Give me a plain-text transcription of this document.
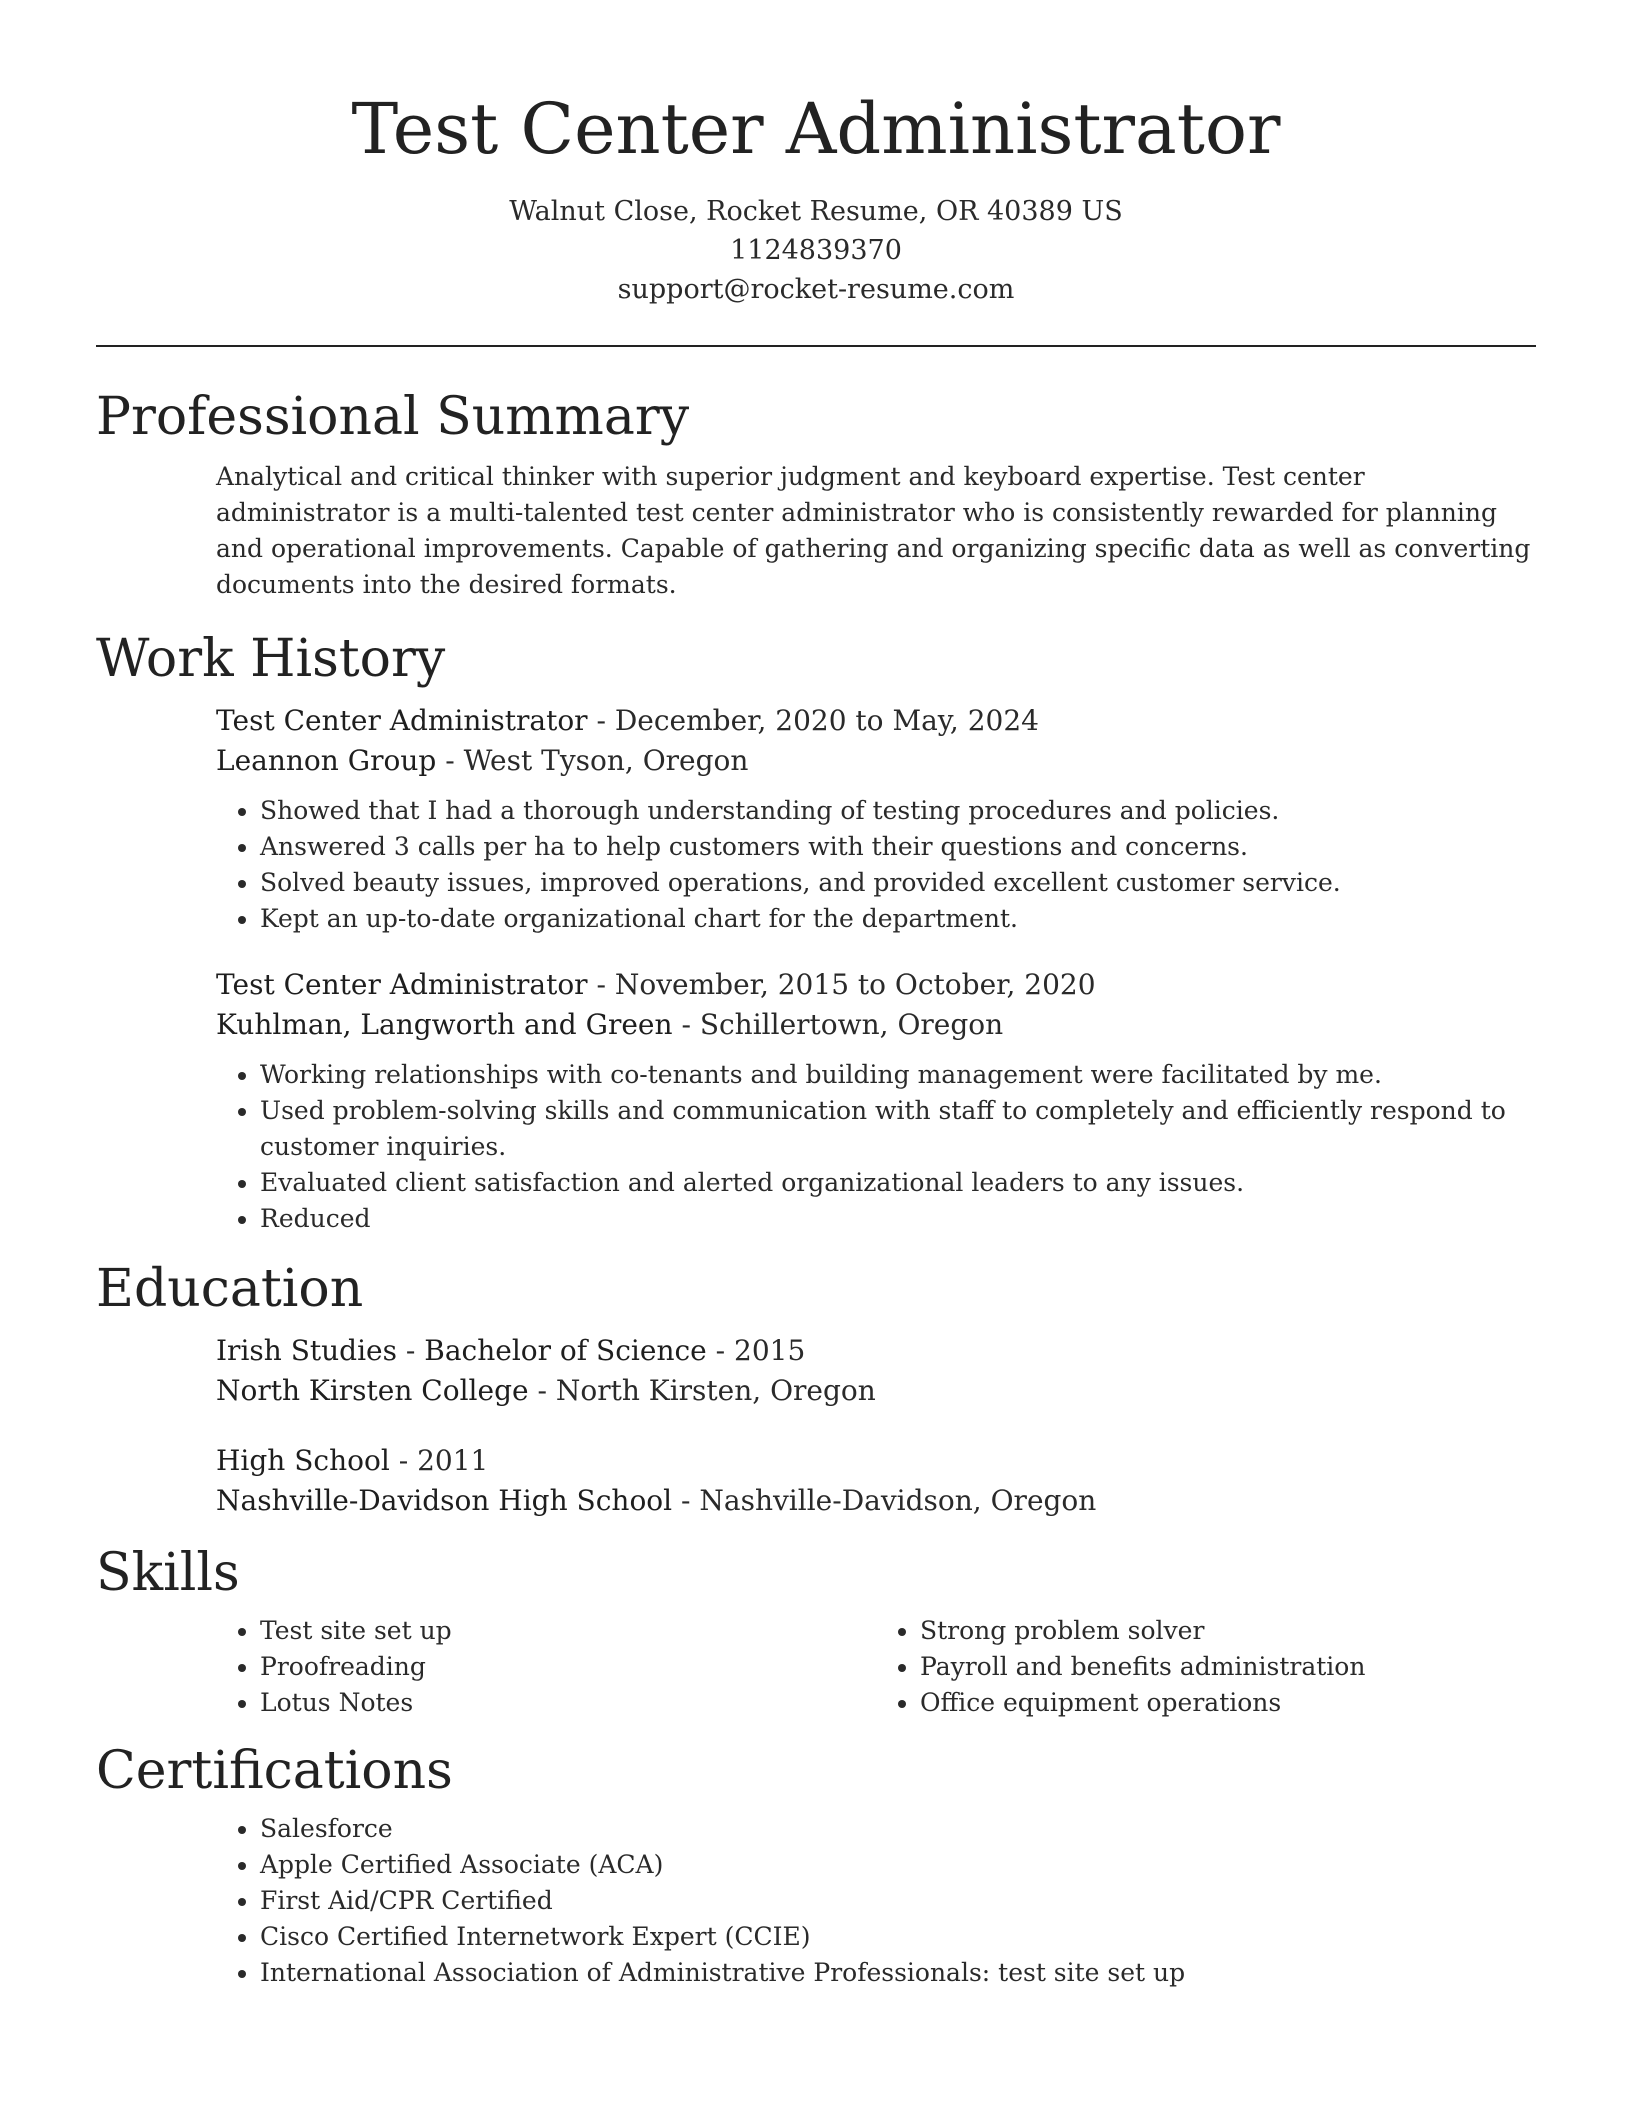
Test Center Administrator
Walnut Close, Rocket Resume, OR 40389 US
1124839370
support@rocket-resume.com
Professional Summary

Analytical and critical thinker with superior judgment and keyboard expertise. Test center administrator is a multi-talented test center administrator who is consistently rewarded for planning and operational improvements. Capable of gathering and organizing specific data as well as converting documents into the desired formats.

Work History
Test Center Administrator - December, 2020 to May, 2024
Leannon Group - West Tyson, Oregon
• Showed that I had a thorough understanding of testing procedures and policies.
• Answered 3 calls per ha to help customers with their questions and concerns.
• Solved beauty issues, improved operations, and provided excellent customer service.
• Kept an up-to-date organizational chart for the department.
Test Center Administrator - November, 2015 to October, 2020
Kuhlman, Langworth and Green - Schillertown, Oregon
• Working relationships with co-tenants and building management were facilitated by me.
• Used problem-solving skills and communication with staff to completely and efficiently respond to customer inquiries.
• Evaluated client satisfaction and alerted organizational leaders to any issues.
• Reduced
Education
Irish Studies - Bachelor of Science - 2015
North Kirsten College - North Kirsten, Oregon
High School - 2011
Nashville-Davidson High School - Nashville-Davidson, Oregon
Skills
• Test site set up
• Proofreading
• Lotus Notes
• Strong problem solver
• Payroll and benefits administration
• Office equipment operations
Certifications
• Salesforce
• Apple Certified Associate (ACA)
• First Aid/CPR Certified
• Cisco Certified Internetwork Expert (CCIE)
• International Association of Administrative Professionals: test site set up
